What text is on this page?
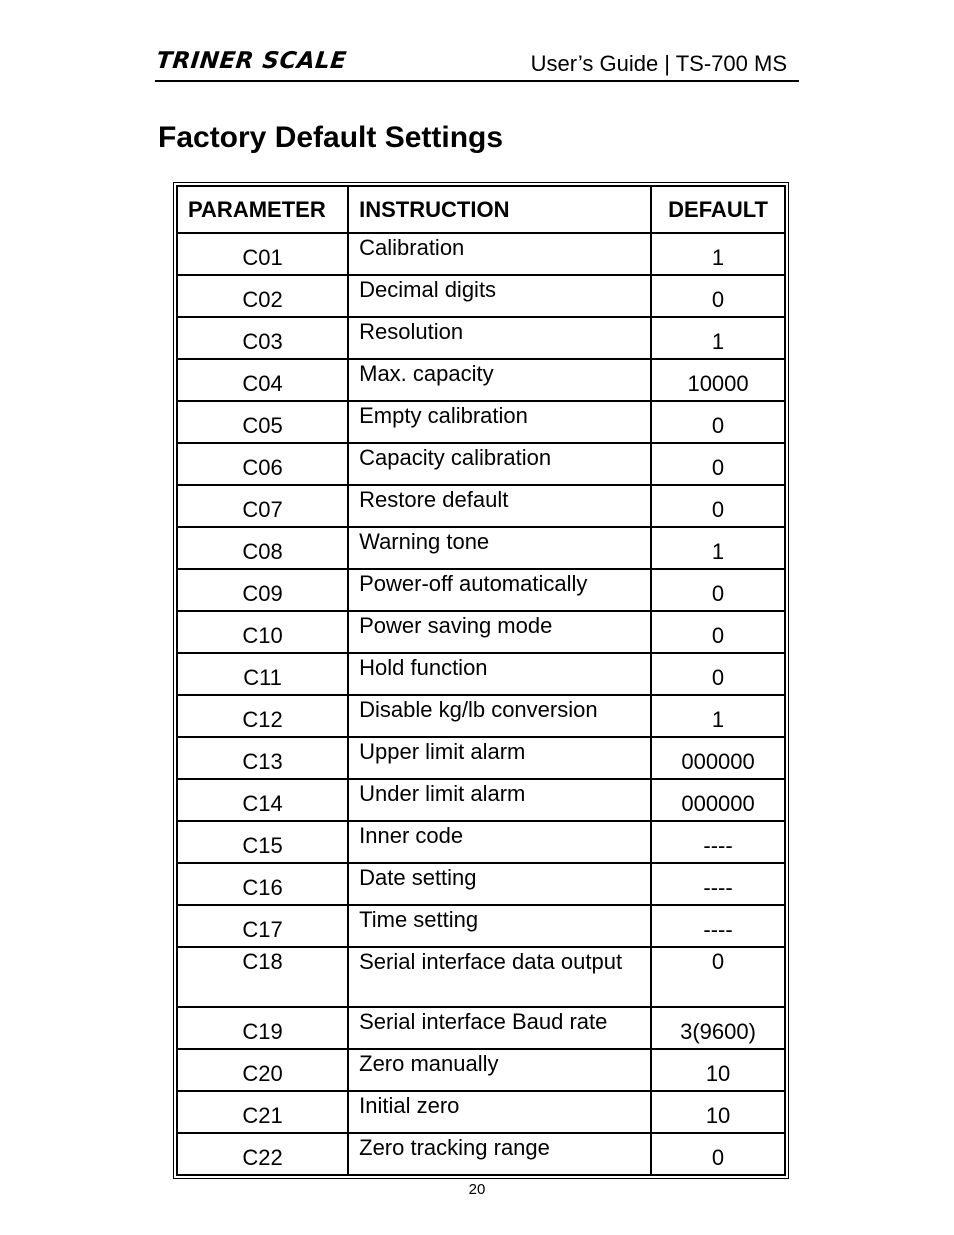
TRINER SCALE	User’s Guide | TS-700 MS
Factory Default Settings
PARAMETER	INSTRUCTION	DEFAULT
C01	Calibration	1
C02	Decimal digits	0
C03	Resolution	1
C04	Max. capacity	10000
C05	Empty calibration	0
C06	Capacity calibration	0
C07	Restore default	0
C08	Warning tone	1
C09	Power-off automatically	0
C10	Power saving mode	0
C11	Hold function	0
C12	Disable kg/lb conversion	1
C13	Upper limit alarm	000000
C14	Under limit alarm	000000
C15	Inner code	----
C16	Date setting	----
C17	Time setting	----
C18	Serial interface data output	0
C19	Serial interface Baud rate	3(9600)
C20	Zero manually	10
C21	Initial zero	10
C22	Zero tracking range	0
20
